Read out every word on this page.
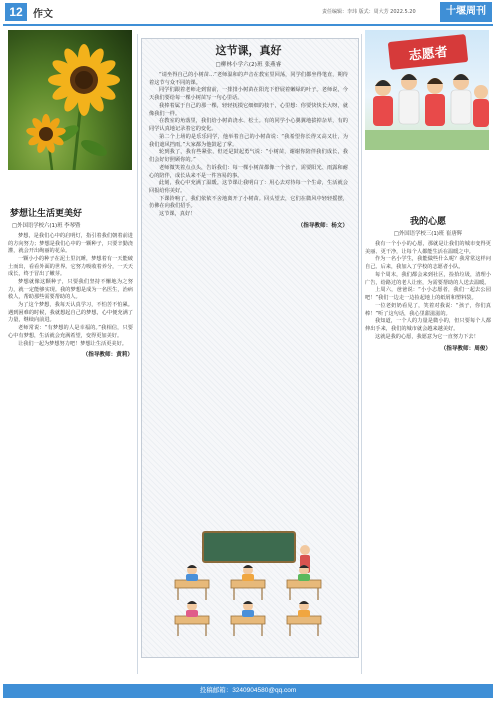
12	作文	责任编辑：李玮 版式：周大芳 2022.5.20	十堰周刊
梦想让生活更美好
□外国语学校六(1)班 李琴暨

梦想，是我们心中的启明灯，指引着我们朝着前进的方向努力；梦想是我们心中的一颗种子，只要辛勤浇灌，就会开出绚丽的花朵。

一颗小小的种子在泥土里沉睡，梦想着有一天能破土而出，看看外面的世界。它努力吸收着养分，一天天成长，终于冒出了嫩芽。

梦想就像这颗种子，只要我们坚持不懈地为之努力，就一定能够实现。我的梦想是成为一名医生，治病救人，帮助那些需要帮助的人。

为了这个梦想，我每天认真学习，不怕苦不怕累。遇到困难的时候，我就想起自己的梦想，心中便充满了力量，继续向前进。

老师常说：“有梦想的人是幸福的。”我相信，只要心中有梦想，生活就会充满希望，变得更加美好。

让我们一起为梦想努力吧！梦想让生活更美好。

（指导教师：黄莉）
这节课，真好
□柳林小学六(2)班 张燕睿

“请坐得自己的小树苗…”老师温和的声音在教室里回荡，同学们都坐得笔直，期待着这节与众不同的课。

同学们跟着老师走到窗前，一排排小树苗在阳光下舒展着嫩绿的叶子。老师说，今天我们要给每一棵小树苗写一句心里话。

我捧着属于自己的那一棵，轻轻抚摸它细细的枝干，心里想：你要快快长大呀，就像我们一样。

在教室的角落里，我们给小树苗浇水、松土。有的同学小心翼翼地拔掉杂草，有的同学认真地记录着它的变化。

第二个上场的是乐乐同学，他举着自己的小树苗说：“我希望你长得又高又壮，为我们遮风挡雨。”大家都为他鼓起了掌。

轮到我了，我有些紧张，但还是鼓起勇气说：“小树苗，谢谢你陪伴我们成长，我们会好好照顾你的。”

老师微笑着点点头，告诉我们：每一棵小树苗都像一个孩子，需要阳光、雨露和耐心的陪伴，成长从来不是一件容易的事。

此刻，我心中充满了温暖。这节课让我明白了：用心去对待每一个生命，生活就会回报给你美好。

下课铃响了，我们依依不舍地离开了小树苗。回头望去，它们在微风中轻轻摇摆，仿佛在向我们招手。

这节课，真好！

（指导教师：杨文）
志愿者
我的心愿
□外国语学校三(1)班 崔唐辉

我有一个小小的心愿，那就是让我们的城市变得更美丽、更干净，让每个人都能生活在温暖之中。

作为一名小学生，我能做些什么呢？我常常这样问自己。后来，我加入了学校的志愿者小队。

每个周末，我们都会来到社区，捡拾垃圾，清理小广告，给路过的老人让座，为需要帮助的人送去温暖。

上周六，爸爸说：“小小志愿者，我们一起去公园吧！”我们一边走一边捡起地上的纸屑和塑料袋。

一位老奶奶看见了，笑着对我说：“孩子，你们真棒！”听了这句话，我心里甜滋滋的。

我知道，一个人的力量是微小的，但只要每个人都伸出手来，我们的城市就会越来越美好。

这就是我的心愿，我愿意为它一直努力下去！

（指导教师：周俊）
投稿邮箱：3240904580@qq.com
